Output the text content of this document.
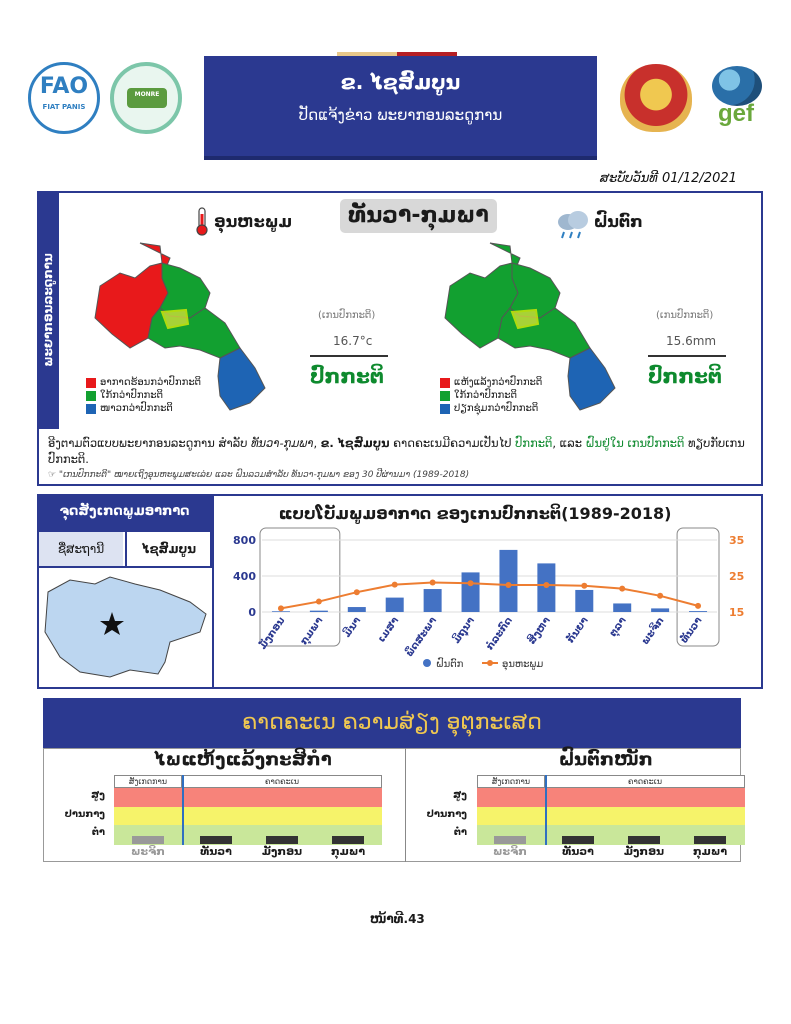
FAO
FIAT PANIS
MONRE
ຂ. ໄຊສົມບູນ
ປັດແຈ້ງຂ່າວ ພະຍາກອນລະດູການ	gef
ສະບັບວັນທີ 01/12/2021
ພະຍາກອນລະດູການ
ທັນວາ-ກຸມພາ
ອຸນຫະພູມ	ຝົນຕົກ
ອາກາດຮ້ອນກວ່າປົກກະຕິ
ໃກ້ກວ່າປົກກະຕິ
ໜາວກວ່າປົກກະຕິ
(ເກນປົກກະຕິ)
16.7°c
ປົກກະຕິ	ແຫ້ງແລ້ງກວ່າປົກກະຕິ
ໃກ້ກວ່າປົກກະຕິ
ປຽກຊຸ່ມກວ່າປົກກະຕິ
(ເກນປົກກະຕິ)
15.6mm
ປົກກະຕິ
ອີງຕາມຕົວແບບພະຍາກອນລະດູການ ສໍາລັບ ທັນວາ-ກຸມພາ, ຂ. ໄຊສົມບູນ ຄາດຄະເນມີຄວາມເປັນໄປ ປົກກະຕິ, ແລະ ຝົນຢູ່ໃນ ເກນປົກກະຕິ ທຽບກັບເກນປົກກະຕິ.
☞ "ເກນປົກກະຕິ" ໝາຍເຖິງອຸນຫະພູມສະເລ່ຍ ແລະ ຝົນລວມສໍາລັບ ທັນວາ-ກຸມພາ ຂອງ 30 ປີຜ່ານມາ (1989-2018)
ຈຸດສັງເກດພູມອາກາດ
ຊື່ສະຖານີ	ໄຊສົມບູນ
ແບບໂບັມພູມອາກາດ ຂອງເກນປົກກະຕິ(1989-2018)
0
400
800
15
25
35
ມັງກອນ ກຸມພາ ມີນາ ເມສາ ພຶດສະພາ ມິຖຸນາ ກໍລະກົດ ສິງຫາ ກັນຍາ ຕຸລາ ພະຈິກ ທັນວາ
ຝົນຕົກ	ອຸນຫະພູມ
ຄາດຄະເນ ຄວາມສ່ຽງ ອຸຕຸກະເສດ
ໄພແຫ້ງແລ້ງກະສິກໍາ
ສັງເກດການ	ຄາດຄະເນ
ສູງ
ປານກາງ
ຕໍ່າ
ພະຈິກ	ທັນວາ	ມັງກອນ	ກຸມພາ
ຝົນຕົກໜັກ
ສັງເກດການ	ຄາດຄະເນ
ສູງ
ປານກາງ
ຕໍ່າ
ພະຈິກ	ທັນວາ	ມັງກອນ	ກຸມພາ
ໜ້າທີ.43
